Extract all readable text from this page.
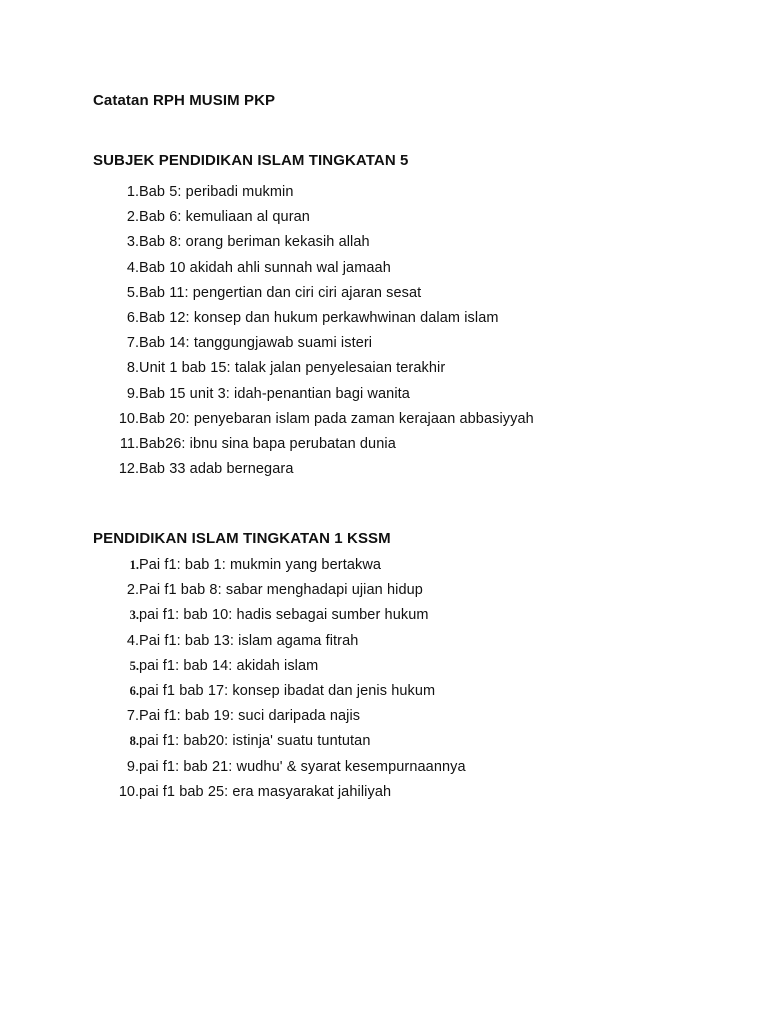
Catatan RPH MUSIM PKP
SUBJEK PENDIDIKAN ISLAM TINGKATAN 5
1. Bab 5: peribadi mukmin
2. Bab 6: kemuliaan al quran
3. Bab 8: orang beriman kekasih allah
4. Bab 10 akidah ahli sunnah wal jamaah
5. Bab 11: pengertian dan ciri ciri ajaran sesat
6. Bab 12: konsep dan hukum perkawhwinan dalam islam
7. Bab 14: tanggungjawab suami isteri
8. Unit 1 bab 15: talak jalan penyelesaian terakhir
9. Bab 15 unit 3: idah-penantian bagi wanita
10. Bab 20: penyebaran islam pada zaman kerajaan abbasiyyah
11. Bab26: ibnu sina bapa perubatan dunia
12. Bab 33 adab bernegara
PENDIDIKAN ISLAM TINGKATAN 1 KSSM
1. Pai f1: bab 1: mukmin yang bertakwa
2. Pai f1 bab 8: sabar menghadapi ujian hidup
3. pai f1: bab 10: hadis sebagai sumber hukum
4. Pai f1: bab 13: islam agama fitrah
5. pai f1: bab 14: akidah islam
6. pai f1 bab 17: konsep ibadat dan jenis hukum
7. Pai f1: bab 19: suci daripada najis
8. pai f1: bab20: istinja' suatu tuntutan
9. pai f1: bab 21: wudhu' & syarat kesempurnaannya
10. pai f1 bab 25: era masyarakat jahiliyah
